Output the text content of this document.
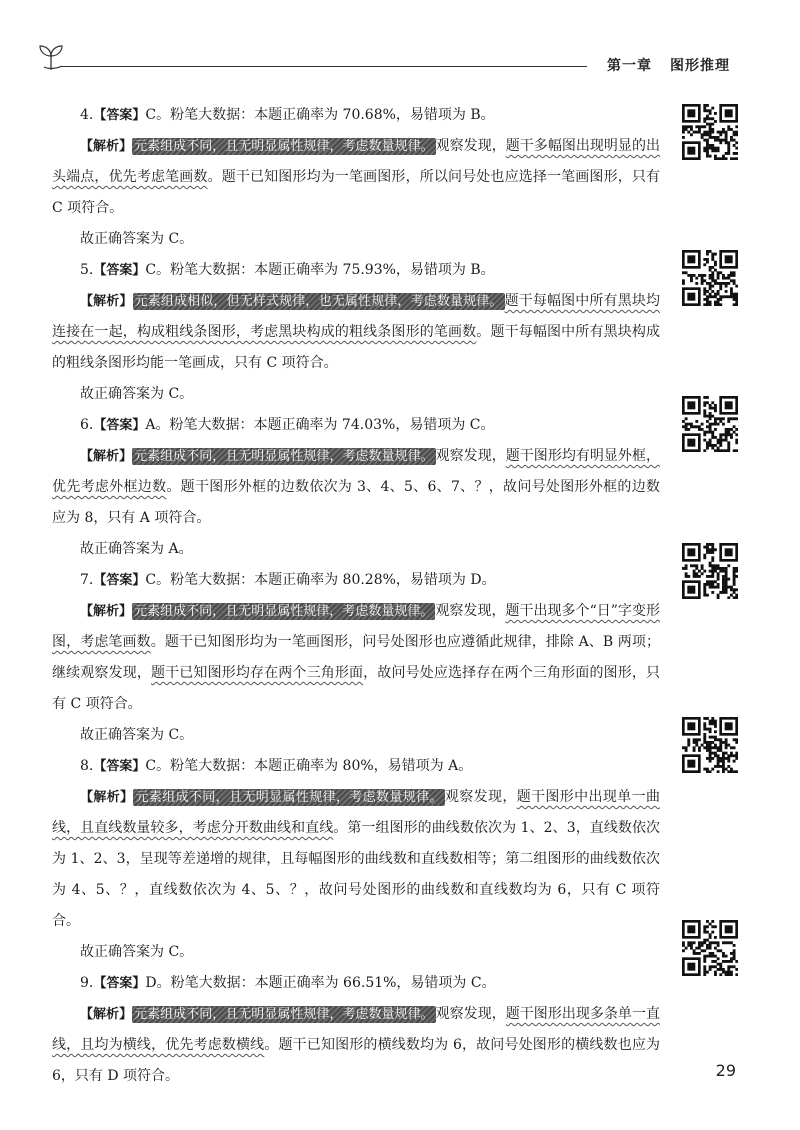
第一章 图形推理

4.【答案】C。粉笔大数据：本题正确率为 70.68%，易错项为 B。

【解析】 元素组成不同，且无明显属性规律，考虑数量规律。 观察发现，题干多幅图出现明显的出头端点，优先考虑笔画数。题干已知图形均为一笔画图形，所以问号处也应选择一笔画图形，只有 C 项符合。

故正确答案为 C。

5.【答案】C。粉笔大数据：本题正确率为 75.93%，易错项为 B。

【解析】 元素组成相似，但无样式规律，也无属性规律，考虑数量规律。 题干每幅图中所有黑块均连接在一起，构成粗线条图形，考虑黑块构成的粗线条图形的笔画数。题干每幅图中所有黑块构成的粗线条图形均能一笔画成，只有 C 项符合。

故正确答案为 C。

6.【答案】A。粉笔大数据：本题正确率为 74.03%，易错项为 C。

【解析】 元素组成不同，且无明显属性规律，考虑数量规律。 观察发现，题干图形均有明显外框，优先考虑外框边数。题干图形外框的边数依次为 3、4、5、6、7、？，故问号处图形外框的边数应为 8，只有 A 项符合。

故正确答案为 A。

7.【答案】C。粉笔大数据：本题正确率为 80.28%，易错项为 D。

【解析】 元素组成不同，且无明显属性规律，考虑数量规律。 观察发现，题干出现多个“日”字变形图，考虑笔画数。题干已知图形均为一笔画图形，问号处图形也应遵循此规律，排除 A、B 两项；继续观察发现，题干已知图形均存在两个三角形面，故问号处应选择存在两个三角形面的图形，只有 C 项符合。

故正确答案为 C。

8.【答案】C。粉笔大数据：本题正确率为 80%，易错项为 A。

【解析】 元素组成不同，且无明显属性规律，考虑数量规律。 观察发现，题干图形中出现单一曲线，且直线数量较多，考虑分开数曲线和直线。第一组图形的曲线数依次为 1、2、3，直线数依次为 1、2、3，呈现等差递增的规律，且每幅图形的曲线数和直线数相等；第二组图形的曲线数依次为 4、5、？，直线数依次为 4、5、？，故问号处图形的曲线数和直线数均为 6，只有 C 项符合。

故正确答案为 C。

9.【答案】D。粉笔大数据：本题正确率为 66.51%，易错项为 C。

【解析】 元素组成不同，且无明显属性规律，考虑数量规律。 观察发现，题干图形出现多条单一直线，且均为横线，优先考虑数横线。题干已知图形的横线数均为 6，故问号处图形的横线数也应为 6，只有 D 项符合。	29
